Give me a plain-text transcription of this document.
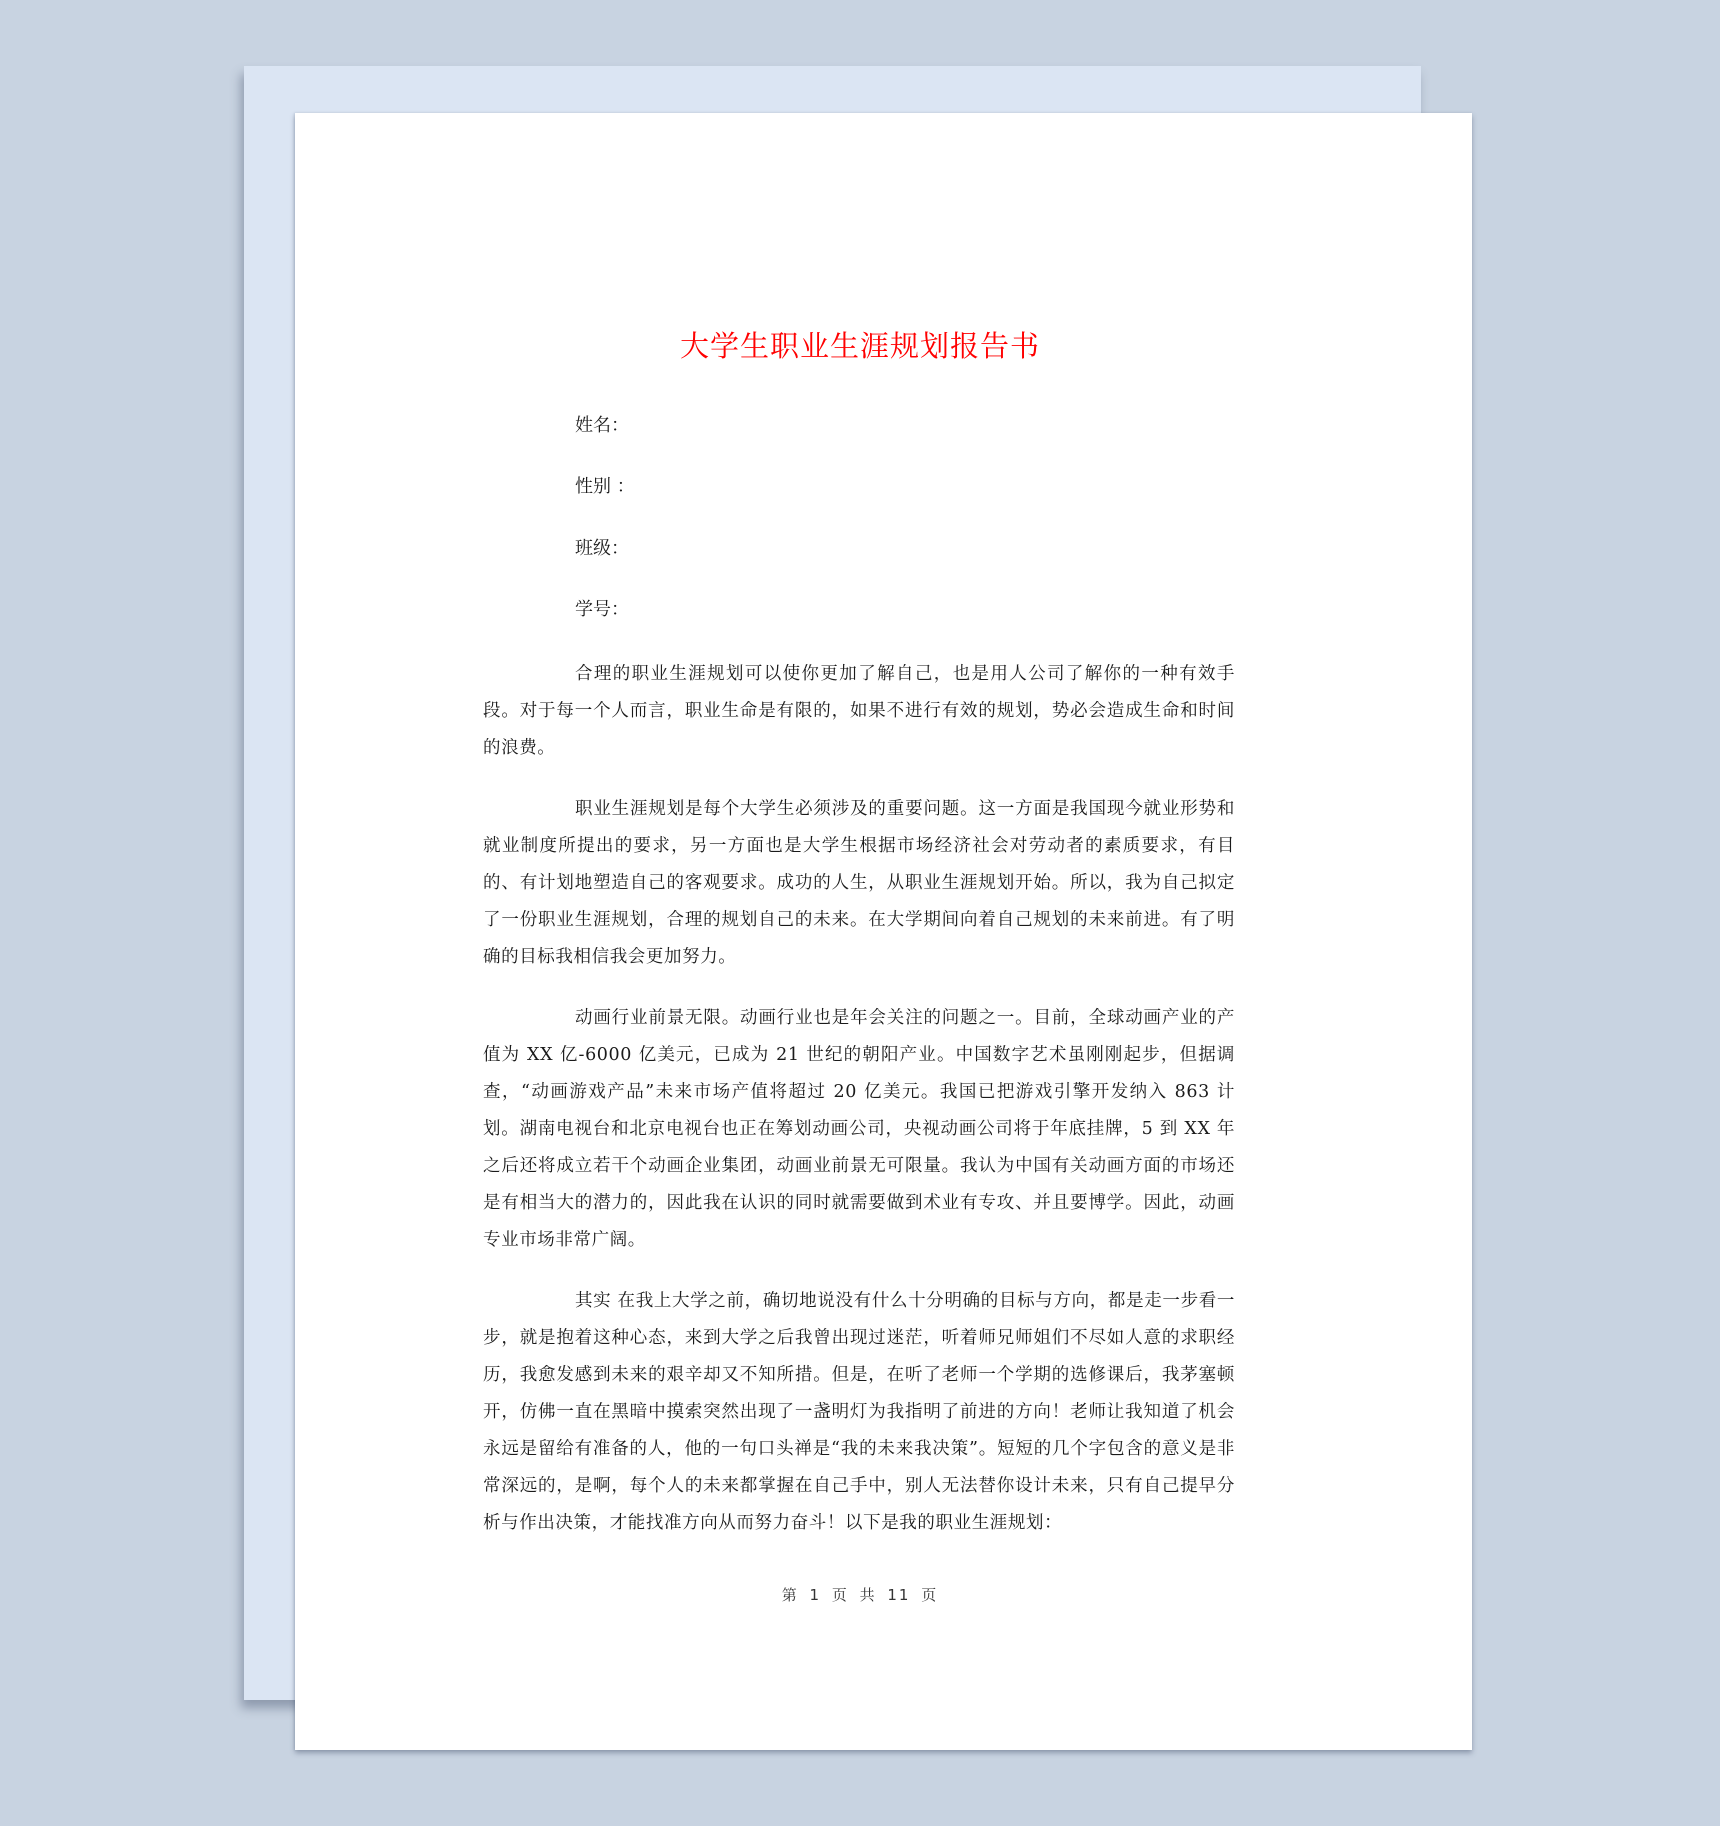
大学生职业生涯规划报告书
姓名：
性别 ：
班级：
学号：

合理的职业生涯规划可以使你更加了解自己，也是用人公司了解你的一种有效手段。对于每一个人而言，职业生命是有限的，如果不进行有效的规划，势必会造成生命和时间的浪费。

职业生涯规划是每个大学生必须涉及的重要问题。这一方面是我国现今就业形势和就业制度所提出的要求，另一方面也是大学生根据市场经济社会对劳动者的素质要求，有目的、有计划地塑造自己的客观要求。成功的人生，从职业生涯规划开始。所以，我为自己拟定了一份职业生涯规划，合理的规划自己的未来。在大学期间向着自己规划的未来前进。有了明确的目标我相信我会更加努力。

动画行业前景无限。动画行业也是年会关注的问题之一。目前，全球动画产业的产值为 XX 亿-6000 亿美元，已成为 21 世纪的朝阳产业。中国数字艺术虽刚刚起步，但据调查，“动画游戏产品”未来市场产值将超过 20 亿美元。我国已把游戏引擎开发纳入 863 计划。湖南电视台和北京电视台也正在筹划动画公司，央视动画公司将于年底挂牌，5 到 XX 年之后还将成立若干个动画企业集团，动画业前景无可限量。我认为中国有关动画方面的市场还是有相当大的潜力的，因此我在认识的同时就需要做到术业有专攻、并且要博学。因此，动画专业市场非常广阔。

其实 在我上大学之前，确切地说没有什么十分明确的目标与方向，都是走一步看一步，就是抱着这种心态，来到大学之后我曾出现过迷茫，听着师兄师姐们不尽如人意的求职经历，我愈发感到未来的艰辛却又不知所措。但是，在听了老师一个学期的选修课后，我茅塞顿开，仿佛一直在黑暗中摸索突然出现了一盏明灯为我指明了前进的方向！老师让我知道了机会永远是留给有准备的人，他的一句口头禅是“我的未来我决策”。短短的几个字包含的意义是非常深远的，是啊，每个人的未来都掌握在自己手中，别人无法替你设计未来，只有自己提早分析与作出决策，才能找准方向从而努力奋斗！以下是我的职业生涯规划：

第 1 页 共 11 页
